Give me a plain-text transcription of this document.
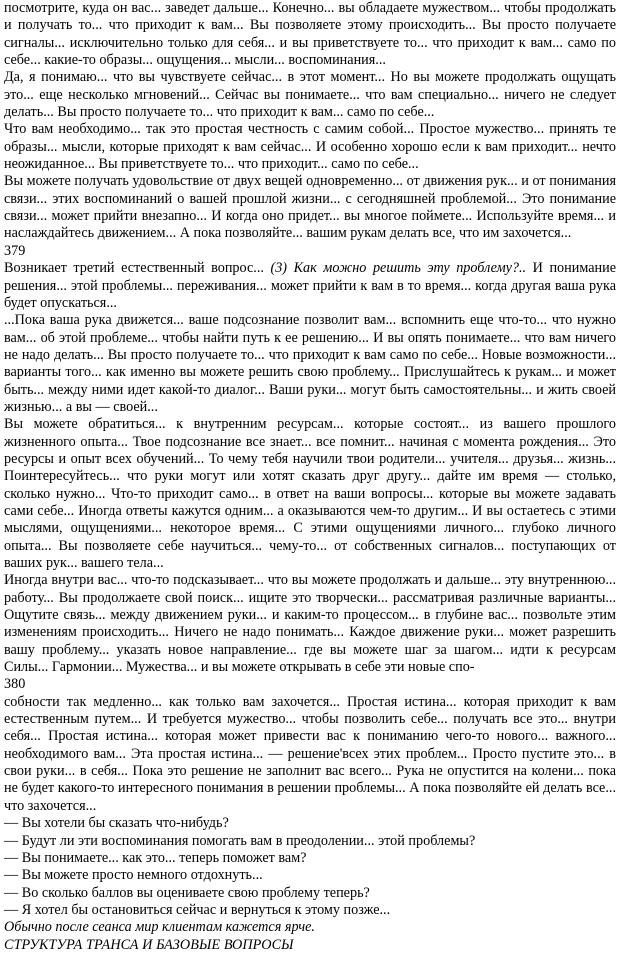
посмотрите, куда он вас... заведет дальше... Конечно... вы обладаете мужеством... чтобы продолжать и получать то... что приходит к вам... Вы позволяете этому происходить... Вы просто получаете сигналы... исключительно только для себя... и вы приветствуете то... что приходит к вам... само по себе... какие-то образы... ощущения... мысли... воспоминания...

Да, я понимаю... что вы чувствуете сейчас... в этот момент... Но вы можете продолжать ощущать это... еще несколько мгновений... Сейчас вы понимаете... что вам специально... ничего не следует делать... Вы просто получаете то... что приходит к вам... само по себе...

Что вам необходимо... так это простая честность с самим собой... Простое мужество... принять те образы... мысли, которые приходят к вам сейчас... И особенно хорошо если к вам приходит... нечто неожиданное... Вы приветствуете то... что приходит... само по себе...

Вы можете получать удовольствие от двух вещей одновременно... от движения рук... и от понимания связи... этих воспоминаний о вашей прошлой жизни... с сегодняшней проблемой... Это понимание связи... может прийти внезапно... И когда оно придет... вы многое поймете... Используйте время... и наслаждайтесь движением... А пока позволяйте... вашим рукам делать все, что им захочется...

379

Возникает третий естественный вопрос... (3) Как можно решить эту проблему?.. И понимание решения... этой проблемы... переживания... может прийти к вам в то время... когда другая ваша рука будет опускаться...

...Пока ваша рука движется... ваше подсознание позволит вам... вспомнить еще что-то... что нужно вам... об этой проблеме... чтобы найти путь к ее решению... И вы опять понимаете... что вам ничего не надо делать... Вы просто получаете то... что приходит к вам само по себе... Новые возможности... варианты того... как именно вы можете решить свою проблему... Прислушайтесь к рукам... и может быть... между ними идет какой-то диалог... Ваши руки... могут быть самостоятельны... и жить своей жизнью... а вы — своей...

Вы можете обратиться... к внутренним ресурсам... которые состоят... из вашего прошлого жизненного опыта... Твое подсознание все знает... все помнит... начиная с момента рождения... Это ресурсы и опыт всех обучений... То чему тебя научили твои родители... учителя... друзья... жизнь... Поинтересуйтесь... что руки могут или хотят сказать друг другу... дайте им время — столько, сколько нужно... Что-то приходит само... в ответ на ваши вопросы... которые вы можете задавать сами себе... Иногда ответы кажутся одним... а оказываются чем-то другим... И вы остаетесь с этими мыслями, ощущениями... некоторое время... С этими ощущениями личного... глубоко личного опыта... Вы позволяете себе научиться... чему-то... от собственных сигналов... поступающих от ваших рук... вашего тела...

Иногда внутри вас... что-то подсказывает... что вы можете продолжать и дальше... эту внутреннюю... работу... Вы продолжаете свой поиск... ищите это творчески... рассматривая различные варианты... Ощутите связь... между движением руки... и каким-то процессом... в глубине вас... позвольте этим изменениям происходить... Ничего не надо понимать... Каждое движение руки... может разрешить вашу проблему... указать новое направление... где вы можете шаг за шагом... идти к ресурсам Силы... Гармонии... Мужества... и вы можете открывать в себе эти новые спо-

380

собности так медленно... как только вам захочется... Простая истина... которая приходит к вам естественным путем... И требуется мужество... чтобы позволить себе... получать все это... внутри себя... Простая истина... которая может привести вас к пониманию чего-то нового... важного... необходимого вам... Эта простая истина... — решение'всех этих проблем... Просто пустите это... в свои руки... в себя... Пока это решение не заполнит вас всего... Рука не опустится на колени... пока не будет какого-то интересного понимания в решении проблемы... А пока позволяйте ей делать все... что захочется...

— Вы хотели бы сказать что-нибудь?

— Будут ли эти воспоминания помогать вам в преодолении... этой проблемы?

— Вы понимаете... как это... теперь поможет вам?

— Вы можете просто немного отдохнуть...

— Во сколько баллов вы оцениваете свою проблему теперь?

— Я хотел бы остановиться сейчас и вернуться к этому позже...

Обычно после сеанса мир клиентам кажется ярче.

СТРУКТУРА ТРАНСА И БАЗОВЫЕ ВОПРОСЫ
